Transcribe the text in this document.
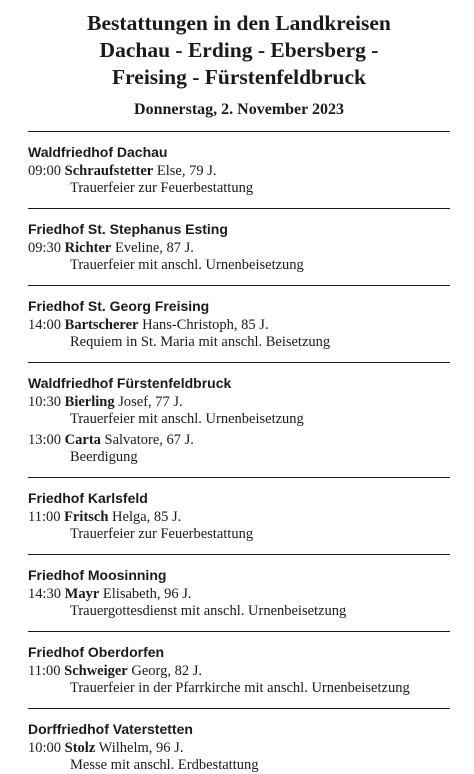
Bestattungen in den Landkreisen
Dachau - Erding - Ebersberg -
Freising - Fürstenfeldbruck
Donnerstag, 2. November 2023
Waldfriedhof Dachau
09:00 Schraufstetter Else, 79 J.
Trauerfeier zur Feuerbestattung
Friedhof St. Stephanus Esting
09:30 Richter Eveline, 87 J.
Trauerfeier mit anschl. Urnenbeisetzung
Friedhof St. Georg Freising
14:00 Bartscherer Hans-Christoph, 85 J.
Requiem in St. Maria mit anschl. Beisetzung
Waldfriedhof Fürstenfeldbruck
10:30 Bierling Josef, 77 J.
Trauerfeier mit anschl. Urnenbeisetzung
13:00 Carta Salvatore, 67 J.
Beerdigung
Friedhof Karlsfeld
11:00 Fritsch Helga, 85 J.
Trauerfeier zur Feuerbestattung
Friedhof Moosinning
14:30 Mayr Elisabeth, 96 J.
Trauergottesdienst mit anschl. Urnenbeisetzung
Friedhof Oberdorfen
11:00 Schweiger Georg, 82 J.
Trauerfeier in der Pfarrkirche mit anschl. Urnenbeisetzung
Dorffriedhof Vaterstetten
10:00 Stolz Wilhelm, 96 J.
Messe mit anschl. Erdbestattung
